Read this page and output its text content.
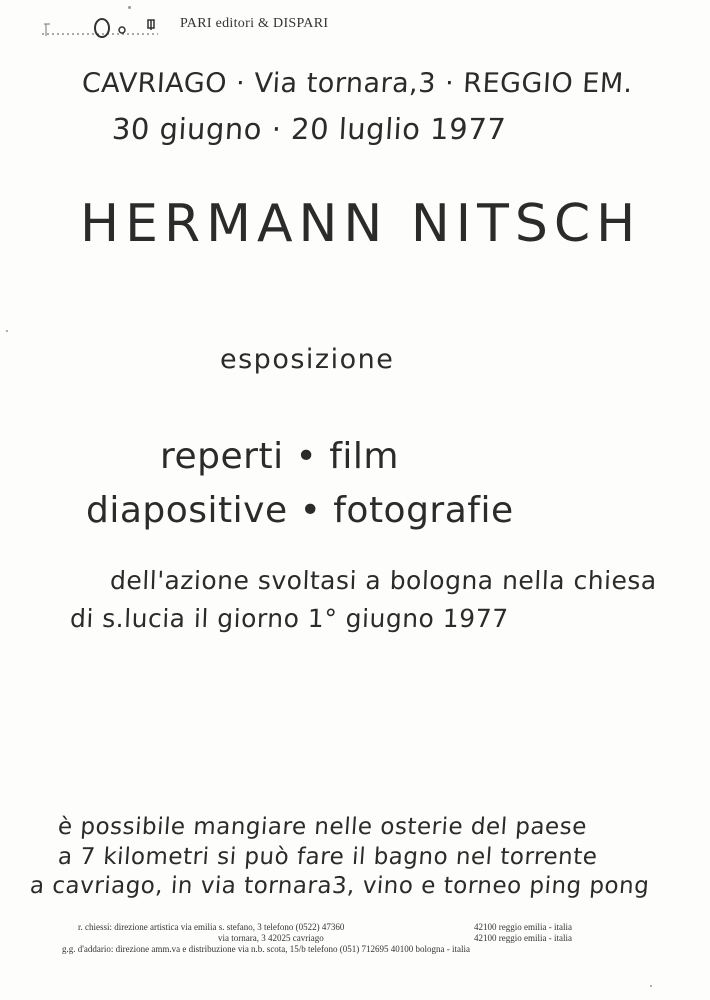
PARI editori & DISPARI
CAVRIAGO · Via tornara,3 · REGGIO EM.
30 giugno · 20 luglio 1977
HERMANN NITSCH
esposizione
reperti • film
diapositive • fotografie
dell'azione svoltasi a bologna nella chiesa
di s.lucia il giorno 1° giugno 1977
è possibile mangiare nelle osterie del paese
a 7 kilometri si può fare il bagno nel torrente
a cavriago, in via tornara3, vino e torneo ping pong
r. chiessi: direzione artistica via emilia s. stefano, 3 telefono (0522) 47360	42100 reggio emilia - italia
via tornara, 3 42025 cavriago	42100 reggio emilia - italia
g.g. d'addario: direzione amm.va e distribuzione via n.b. scota, 15/b telefono (051) 712695 40100 bologna - italia
